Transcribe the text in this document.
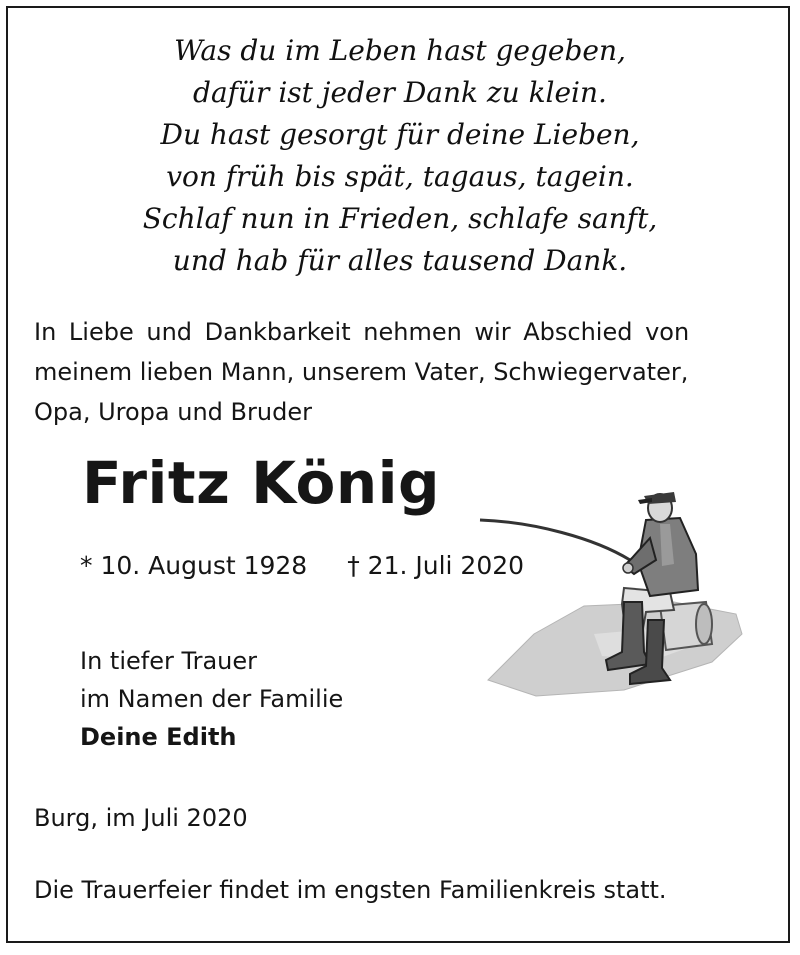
Was du im Leben hast gegeben,
dafür ist jeder Dank zu klein.
Du hast gesorgt für deine Lieben,
von früh bis spät, tagaus, tagein.
Schlaf nun in Frieden, schlafe sanft,
und hab für alles tausend Dank.
In Liebe und Dankbarkeit nehmen wir Abschied von
meinem lieben Mann, unserem Vater, Schwiegervater,
Opa, Uropa und Bruder
Fritz König
* 10. August 1928 † 21. Juli 2020
In tiefer Trauer
im Namen der Familie
Deine Edith
Burg, im Juli 2020
Die Trauerfeier findet im engsten Familienkreis statt.
